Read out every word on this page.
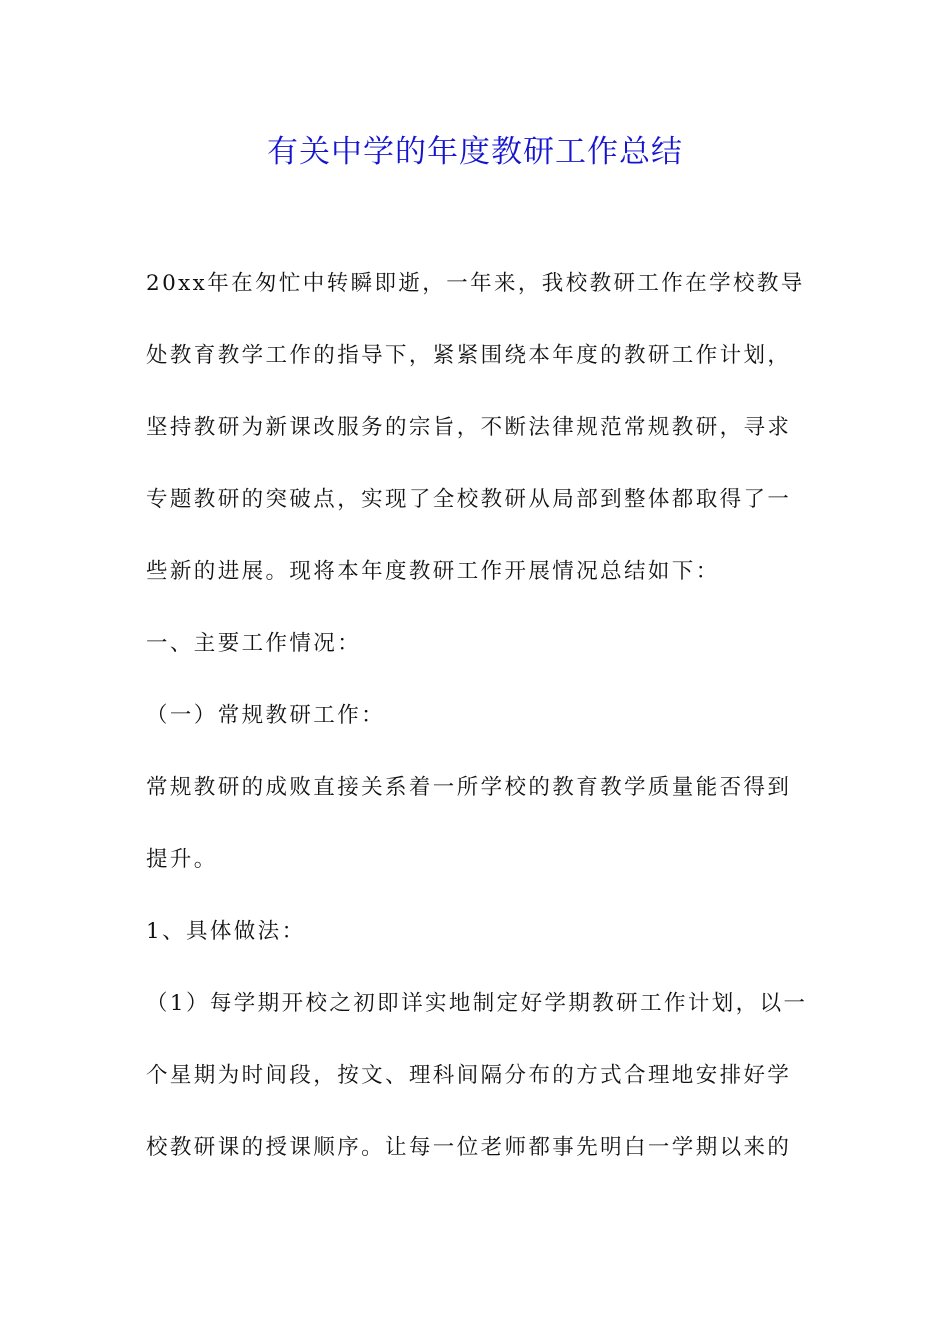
有关中学的年度教研工作总结
20xx年在匆忙中转瞬即逝，一年来，我校教研工作在学校教导
处教育教学工作的指导下，紧紧围绕本年度的教研工作计划，
坚持教研为新课改服务的宗旨，不断法律规范常规教研，寻求
专题教研的突破点，实现了全校教研从局部到整体都取得了一
些新的进展。现将本年度教研工作开展情况总结如下：
一、主要工作情况：
（一）常规教研工作：
常规教研的成败直接关系着一所学校的教育教学质量能否得到
提升。
1、具体做法：
（1）每学期开校之初即详实地制定好学期教研工作计划，以一
个星期为时间段，按文、理科间隔分布的方式合理地安排好学
校教研课的授课顺序。让每一位老师都事先明白一学期以来的
